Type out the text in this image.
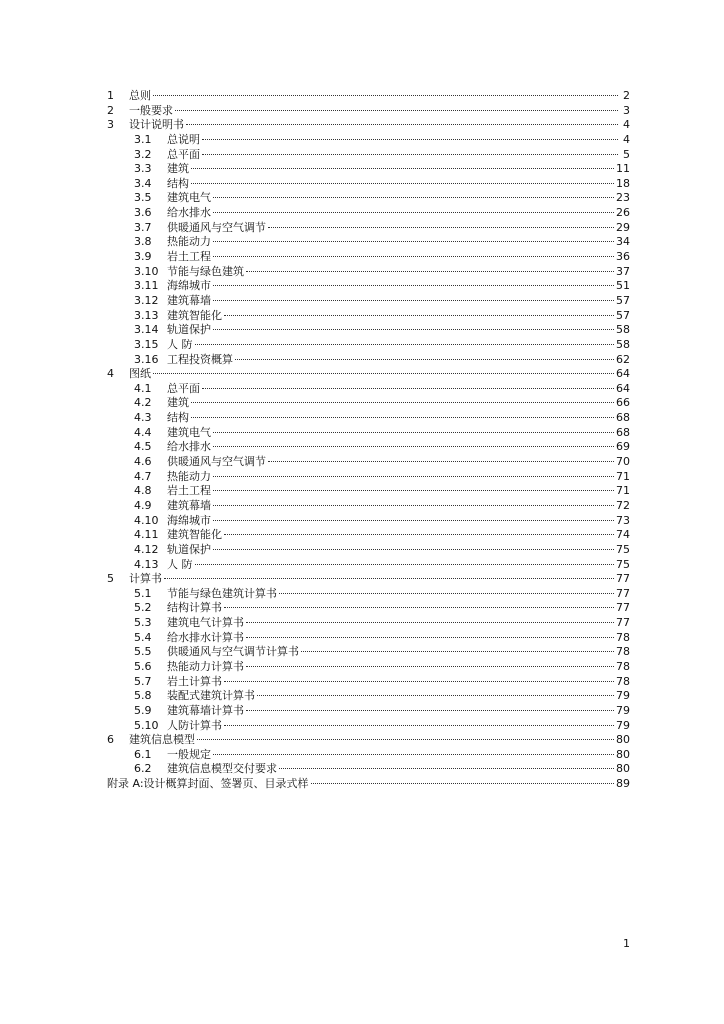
1	总则	2
2	一般要求	3
3	设计说明书	4
3.1	总说明	4
3.2	总平面	5
3.3	建筑	11
3.4	结构	18
3.5	建筑电气	23
3.6	给水排水	26
3.7	供暖通风与空气调节	29
3.8	热能动力	34
3.9	岩土工程	36
3.10 节能与绿色建筑	37
3.11 海绵城市	51
3.12 建筑幕墙	57
3.13 建筑智能化	57
3.14 轨道保护	58
3.15 人 防	58
3.16 工程投资概算	62
4	图纸	64
4.1	总平面	64
4.2	建筑	66
4.3	结构	68
4.4	建筑电气	68
4.5	给水排水	69
4.6	供暖通风与空气调节	70
4.7	热能动力	71
4.8	岩土工程	71
4.9	建筑幕墙	72
4.10 海绵城市	73
4.11 建筑智能化	74
4.12 轨道保护	75
4.13 人 防	75
5	计算书	77
5.1	节能与绿色建筑计算书	77
5.2	结构计算书	77
5.3	建筑电气计算书	77
5.4	给水排水计算书	78
5.5	供暖通风与空气调节计算书	78
5.6	热能动力计算书	78
5.7	岩土计算书	78
5.8	装配式建筑计算书	79
5.9	建筑幕墙计算书	79
5.10 人防计算书	79
6	建筑信息模型	80
6.1	一般规定	80
6.2	建筑信息模型交付要求	80
附录 A:设计概算封面、签署页、目录式样	89
1
